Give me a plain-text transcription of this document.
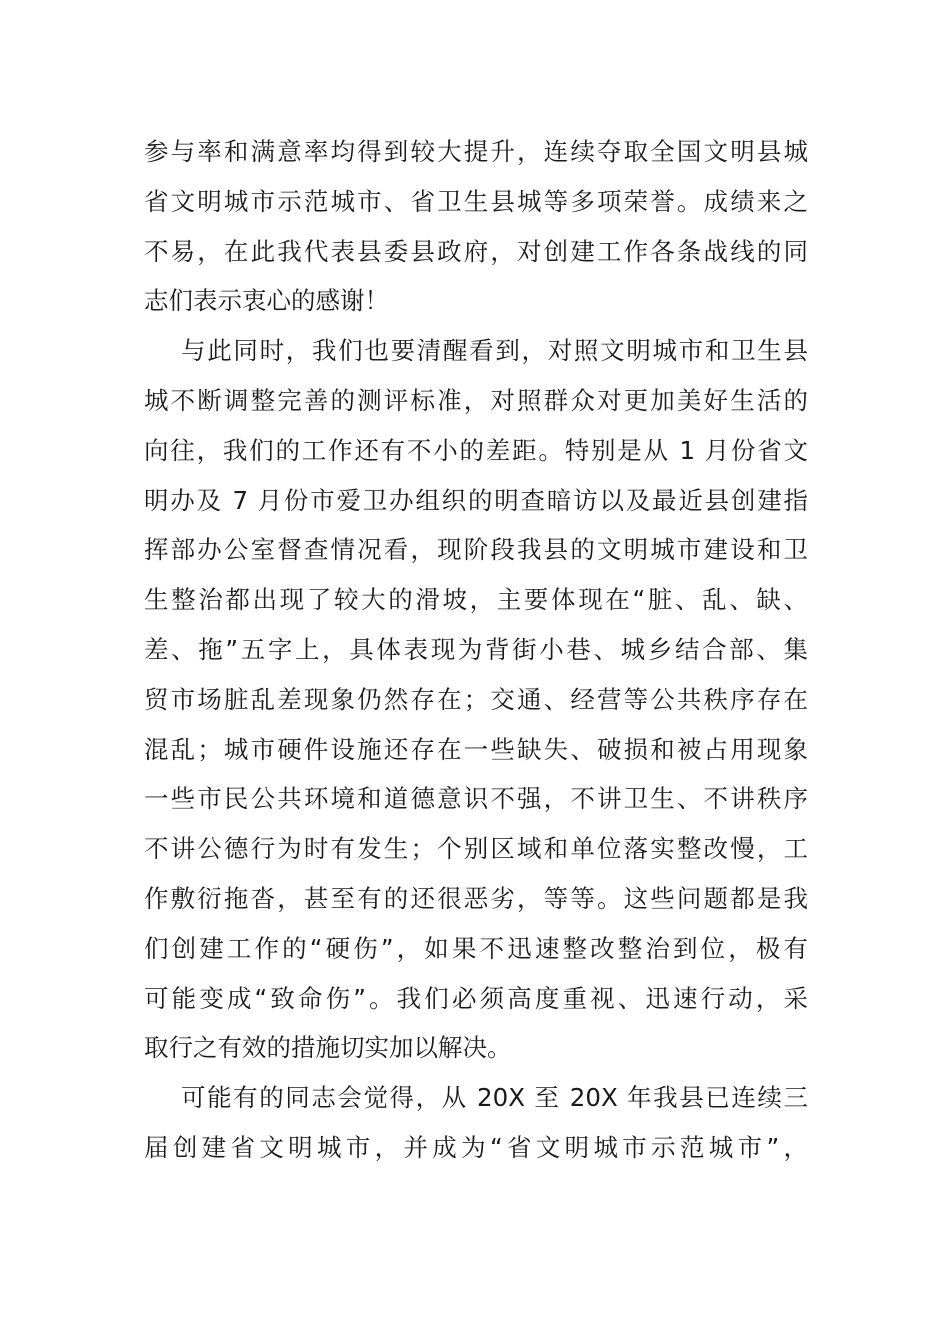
参与率和满意率均得到较大提升，连续夺取全国文明县城
省文明城市示范城市、省卫生县城等多项荣誉。成绩来之
不易，在此我代表县委县政府，对创建工作各条战线的同
志们表示衷心的感谢！
与此同时，我们也要清醒看到，对照文明城市和卫生县
城不断调整完善的测评标准，对照群众对更加美好生活的
向往，我们的工作还有不小的差距。特别是从 1 月份省文
明办及 7 月份市爱卫办组织的明查暗访以及最近县创建指
挥部办公室督查情况看，现阶段我县的文明城市建设和卫
生整治都出现了较大的滑坡，主要体现在“脏、乱、缺、
差、拖”五字上，具体表现为背街小巷、城乡结合部、集
贸市场脏乱差现象仍然存在；交通、经营等公共秩序存在
混乱；城市硬件设施还存在一些缺失、破损和被占用现象
一些市民公共环境和道德意识不强，不讲卫生、不讲秩序
不讲公德行为时有发生；个别区域和单位落实整改慢，工
作敷衍拖沓，甚至有的还很恶劣，等等。这些问题都是我
们创建工作的“硬伤”，如果不迅速整改整治到位，极有
可能变成“致命伤”。我们必须高度重视、迅速行动，采
取行之有效的措施切实加以解决。
可能有的同志会觉得，从 20X 至 20X 年我县已连续三
届创建省文明城市，并成为“省文明城市示范城市”，
